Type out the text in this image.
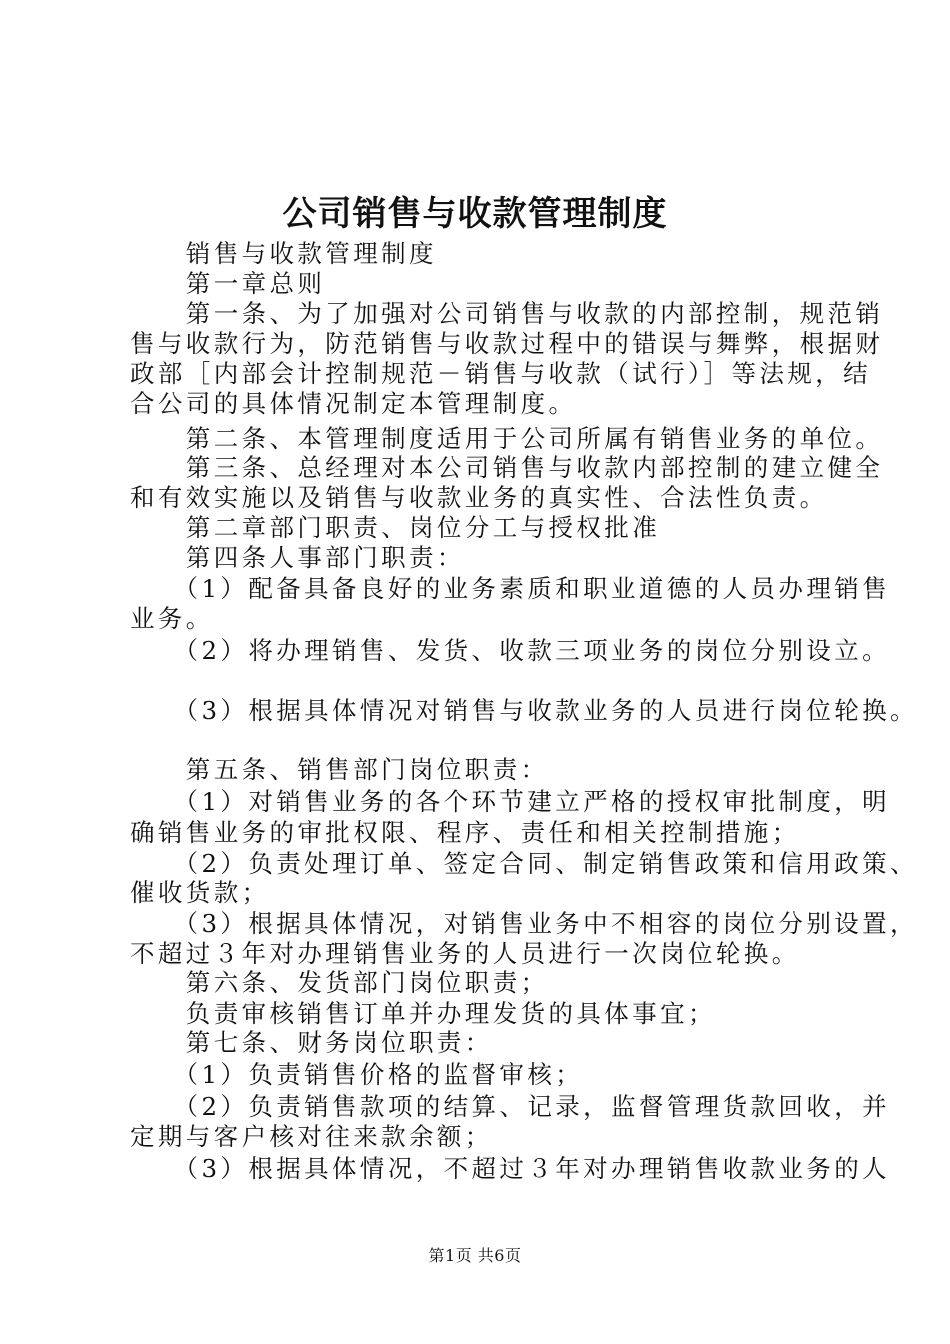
公司销售与收款管理制度
　　销售与收款管理制度
　　第一章总则
　　第一条、为了加强对公司销售与收款的内部控制，规范销
售与收款行为，防范销售与收款过程中的错误与舞弊，根据财
政部［内部会计控制规范－销售与收款（试行）］等法规，结
合公司的具体情况制定本管理制度。
　　第二条、本管理制度适用于公司所属有销售业务的单位。
　　第三条、总经理对本公司销售与收款内部控制的建立健全
和有效实施以及销售与收款业务的真实性、合法性负责。
　　第二章部门职责、岗位分工与授权批准
　　第四条人事部门职责：
　　（1）配备具备良好的业务素质和职业道德的人员办理销售
业务。
　　（2）将办理销售、发货、收款三项业务的岗位分别设立。
　　（3）根据具体情况对销售与收款业务的人员进行岗位轮换。
　　第五条、销售部门岗位职责：
　　（1）对销售业务的各个环节建立严格的授权审批制度，明
确销售业务的审批权限、程序、责任和相关控制措施；
　　（2）负责处理订单、签定合同、制定销售政策和信用政策、
催收货款；
　　（3）根据具体情况，对销售业务中不相容的岗位分别设置，
不超过３年对办理销售业务的人员进行一次岗位轮换。
　　第六条、发货部门岗位职责；
　　负责审核销售订单并办理发货的具体事宜；
　　第七条、财务岗位职责：
　　（1）负责销售价格的监督审核；
　　（2）负责销售款项的结算、记录，监督管理货款回收，并
定期与客户核对往来款余额；
　　（3）根据具体情况，不超过３年对办理销售收款业务的人
第1页 共6页
